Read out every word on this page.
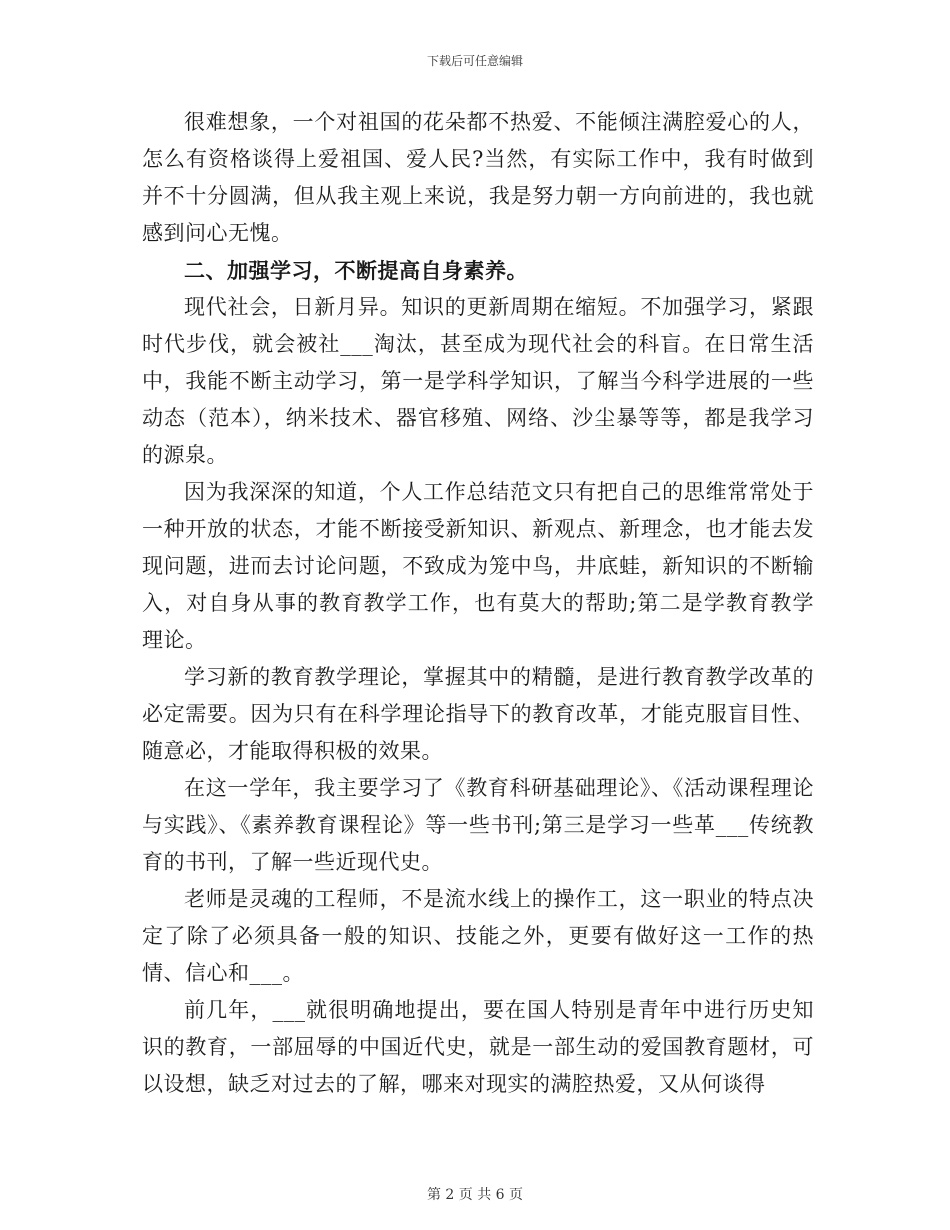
下载后可任意编辑

很难想象，一个对祖国的花朵都不热爱、不能倾注满腔爱心的人，怎么有资格谈得上爱祖国、爱人民?当然，有实际工作中，我有时做到并不十分圆满，但从我主观上来说，我是努力朝一方向前进的，我也就感到问心无愧。

二、加强学习，不断提高自身素养。

现代社会，日新月异。知识的更新周期在缩短。不加强学习，紧跟时代步伐，就会被社___淘汰，甚至成为现代社会的科盲。在日常生活中，我能不断主动学习，第一是学科学知识，了解当今科学进展的一些动态（范本），纳米技术、器官移殖、网络、沙尘暴等等，都是我学习的源泉。

因为我深深的知道，个人工作总结范文只有把自己的思维常常处于一种开放的状态，才能不断接受新知识、新观点、新理念，也才能去发现问题，进而去讨论问题，不致成为笼中鸟，井底蛙，新知识的不断输入，对自身从事的教育教学工作，也有莫大的帮助;第二是学教育教学理论。

学习新的教育教学理论，掌握其中的精髓，是进行教育教学改革的必定需要。因为只有在科学理论指导下的教育改革，才能克服盲目性、随意必，才能取得积极的效果。

在这一学年，我主要学习了《教育科研基础理论》、《活动课程理论与实践》、《素养教育课程论》等一些书刊;第三是学习一些革___传统教育的书刊，了解一些近现代史。

老师是灵魂的工程师，不是流水线上的操作工，这一职业的特点决定了除了必须具备一般的知识、技能之外，更要有做好这一工作的热情、信心和___。

前几年，___就很明确地提出，要在国人特别是青年中进行历史知识的教育，一部屈辱的中国近代史，就是一部生动的爱国教育题材，可以设想，缺乏对过去的了解，哪来对现实的满腔热爱，又从何谈得

第 2 页 共 6 页
